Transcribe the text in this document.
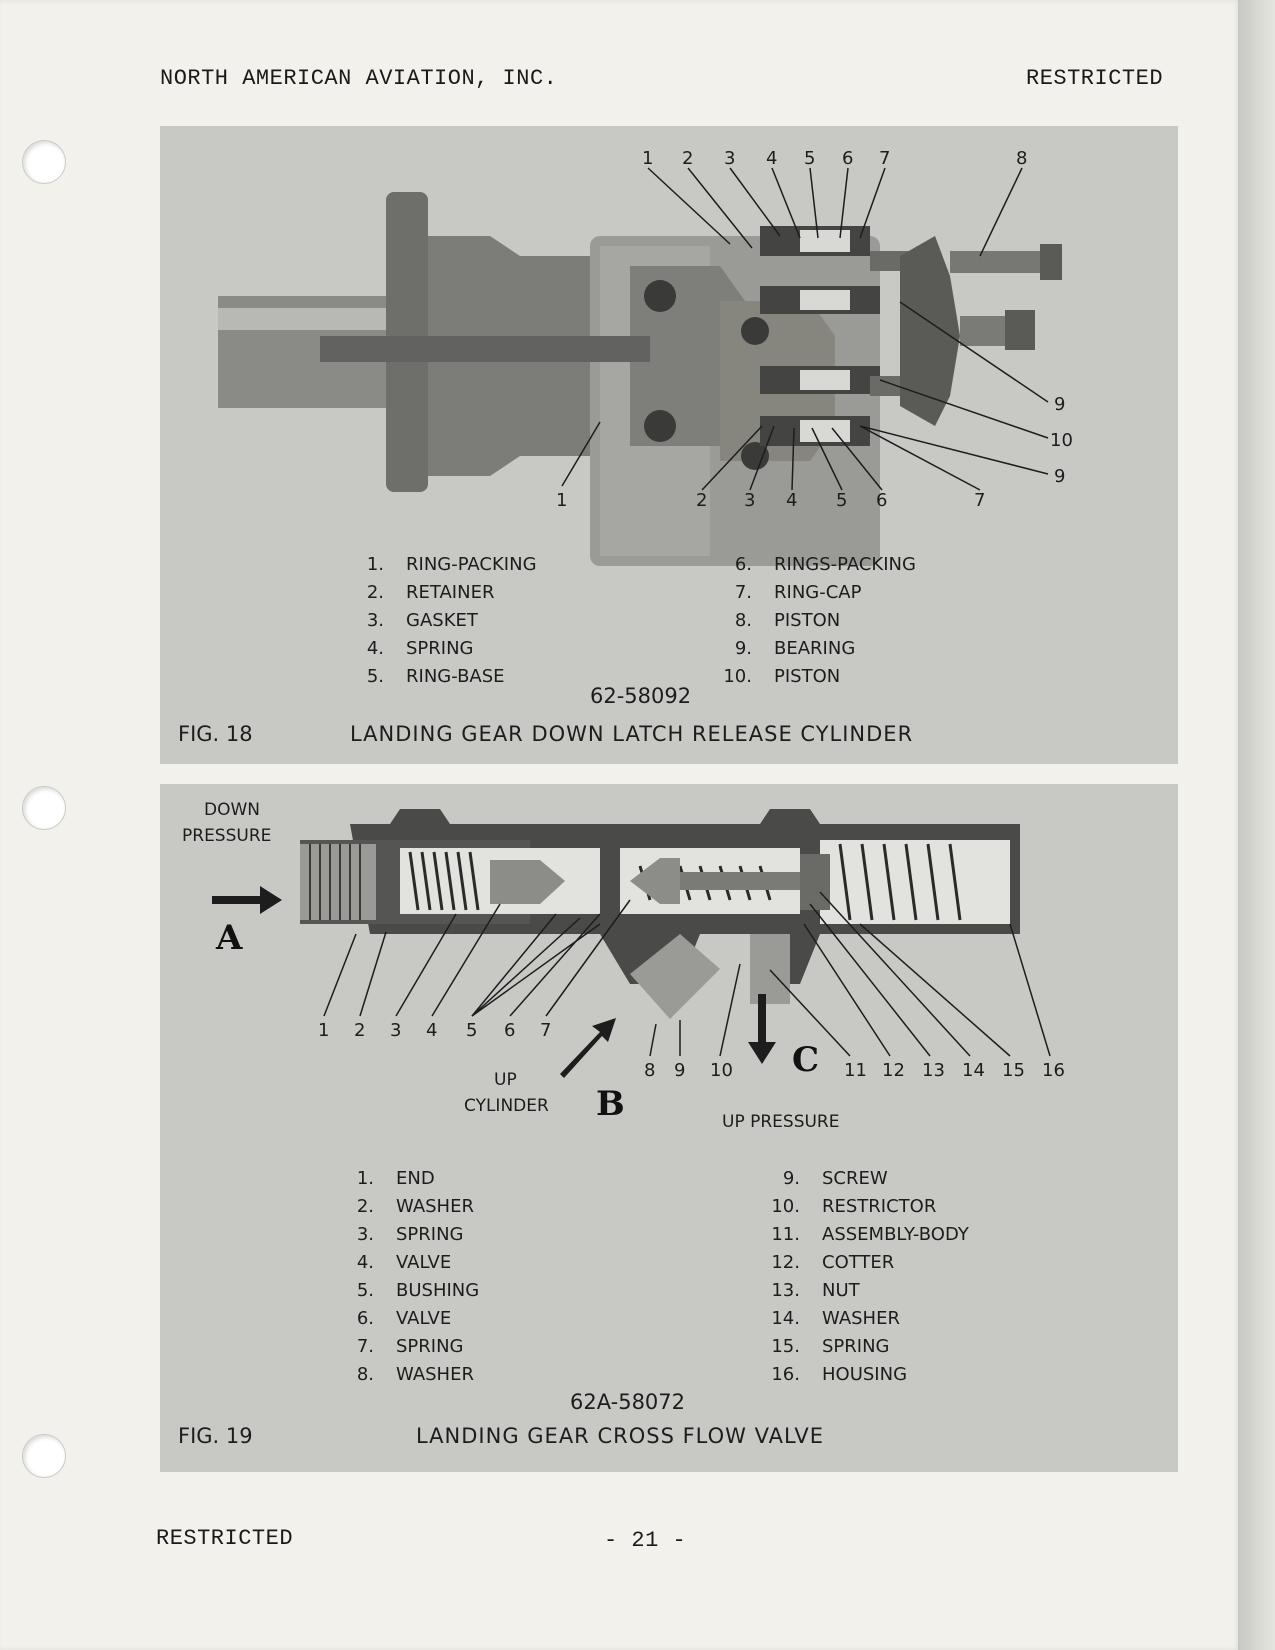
NORTH AMERICAN AVIATION, INC.	RESTRICTED
1 2 3 4 5 6 7	8
9
10
9
1	2 3 4 5 6	7
1. RING-PACKING
2. RETAINER
3. GASKET
4. SPRING
5. RING-BASE
6. RINGS-PACKING
7. RING-CAP
8. PISTON
9. BEARING
10. PISTON
62-58092
FIG. 18	LANDING GEAR DOWN LATCH RELEASE CYLINDER
DOWN
PRESSURE
A
B
C
UP
CYLINDER
UP PRESSURE
1 2 3 4 5 6 7
8 9 10	11 12 13 14 15 16
1. END
2. WASHER
3. SPRING
4. VALVE
5. BUSHING
6. VALVE
7. SPRING
8. WASHER
9. SCREW
10. RESTRICTOR
11. ASSEMBLY-BODY
12. COTTER
13. NUT
14. WASHER
15. SPRING
16. HOUSING
62A-58072
FIG. 19	LANDING GEAR CROSS FLOW VALVE
RESTRICTED	- 21 -
